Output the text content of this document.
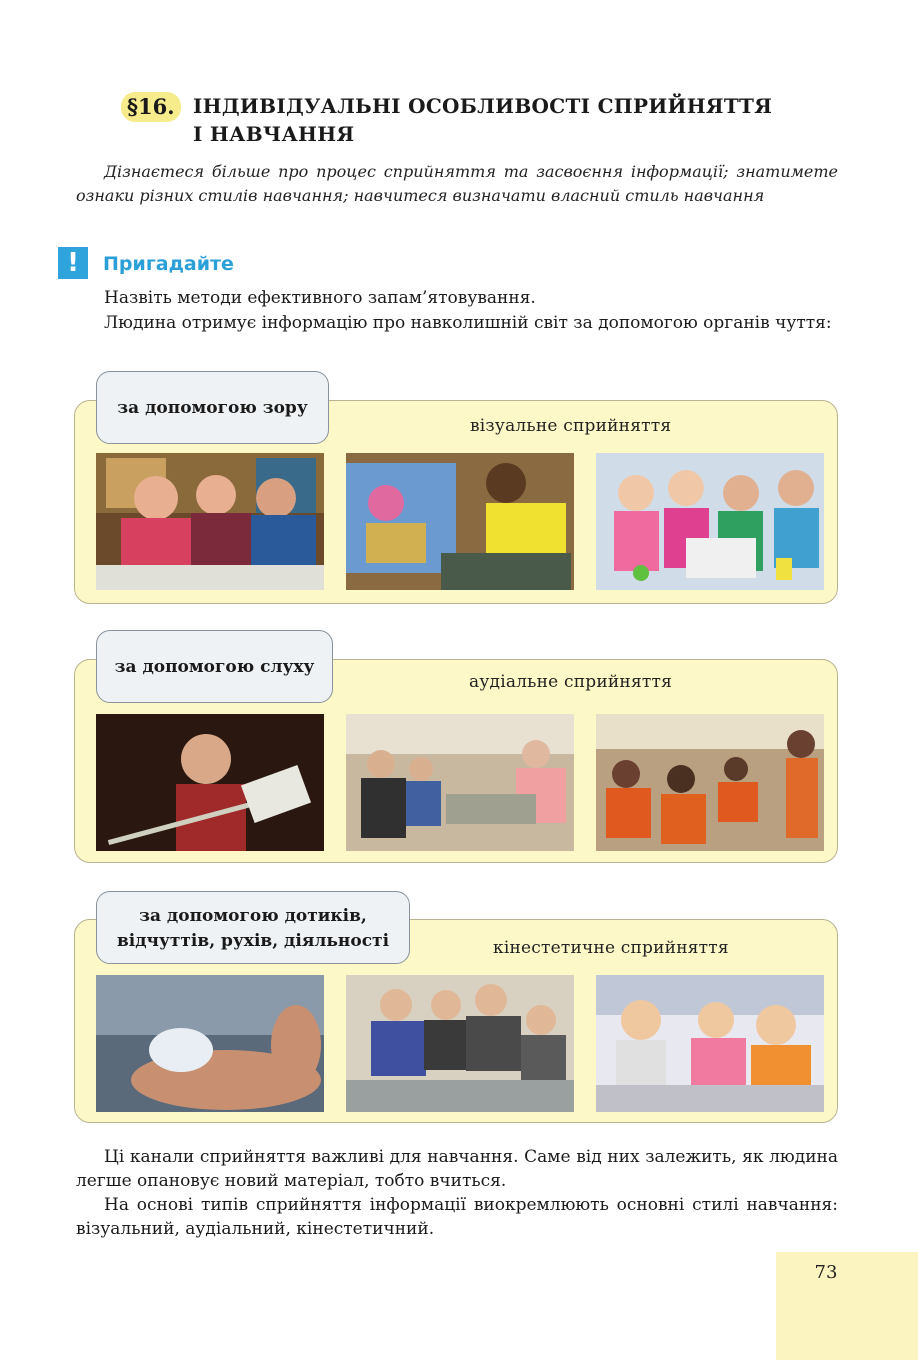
§16. ІНДИВІДУАЛЬНІ ОСОБЛИВОСТІ СПРИЙНЯТТЯ
І НАВЧАННЯ
Дізнаєтеся більше про процес сприйняття та засвоєння інформації; знатимете ознаки різних стилів навчання; навчитеся визначати власний стиль навчання
!	Пригадайте
Назвіть методи ефективного запам’ятовування.
Людина отримує інформацію про навколишній світ за допомогою органів чуття:
за допомогою зору
візуальне сприйняття
за допомогою слуху
аудіальне сприйняття
за допомогою дотиків,
відчуттів, рухів, діяльності	кінестетичне сприйняття
Ці канали сприйняття важливі для навчання. Саме від них залежить, як людина легше опановує новий матеріал, тобто вчиться.
На основі типів сприйняття інформації виокремлюють основні стилі навчання: візуальний, аудіальний, кінестетичний.
73
